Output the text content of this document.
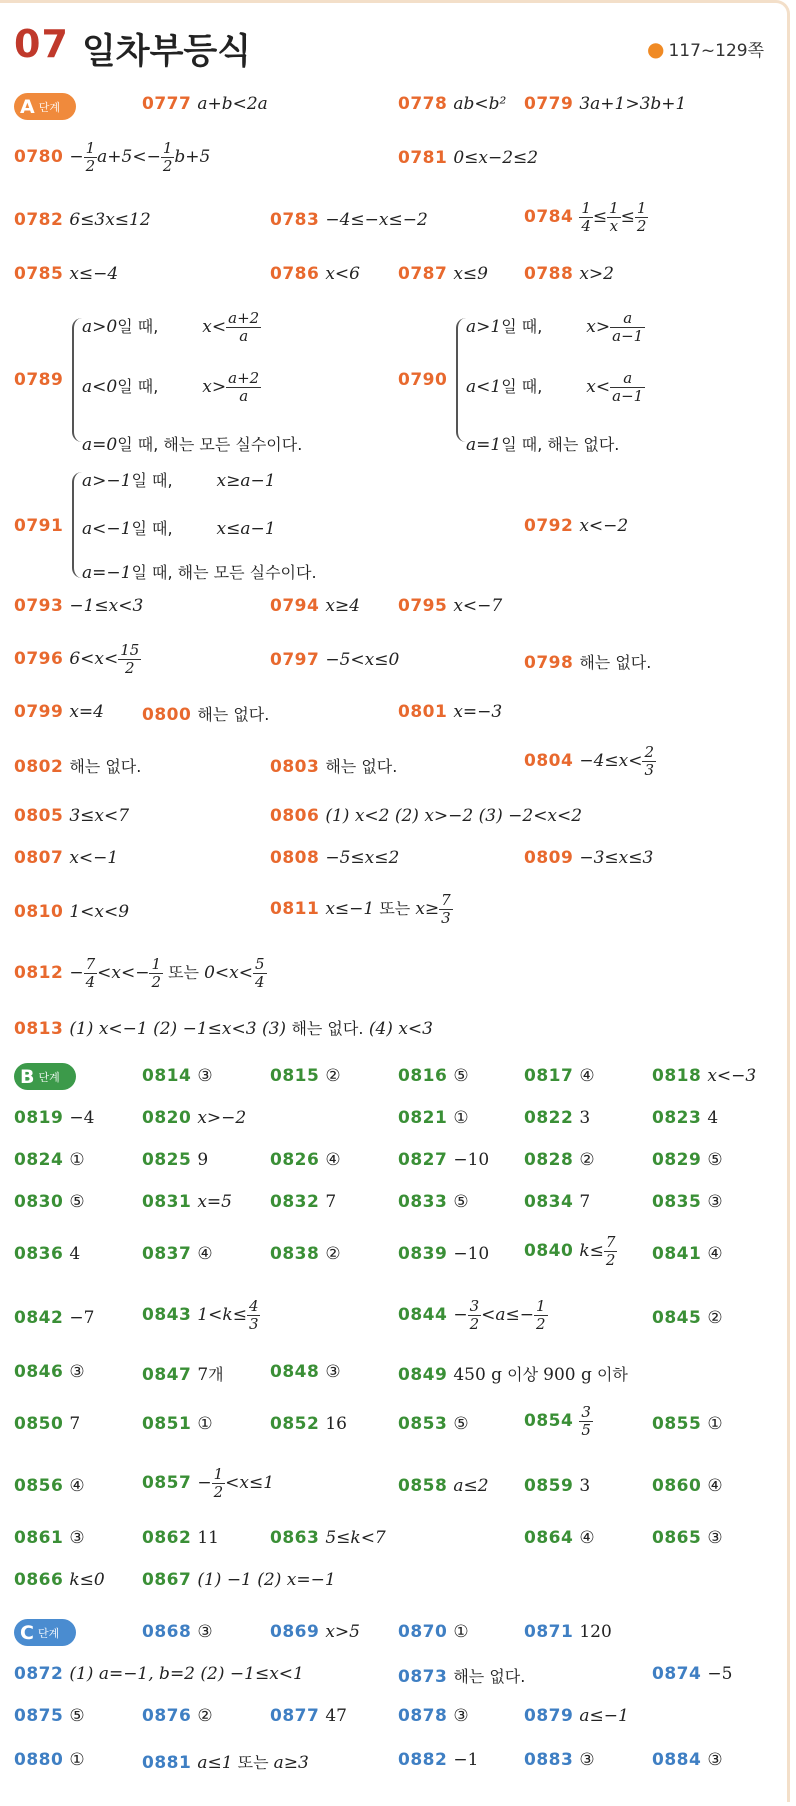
07 일차부등식	● 117~129쪽
A 단계	0777 a+b<2a	0778 ab<b² 0779 3a+1>3b+1
$0780 - \frac{1}{2} a+5<- \frac{1}{2} b+5$	0781 0≤x−2≤2
0782 6≤3x≤12	0783 −4≤−x≤−2	$0784 \frac{1}{4} \le \frac{1}{x} \le \frac{1}{2}$
0785 x≤−4	0786 x<6 0787 x≤9 0788 x>2
0789
a>0일 때,	$x< \frac{a+2}{a}$
a<0일 때,	$x> \frac{a+2}{a}$
a=0일 때, 해는 모든 실수이다.
0790
a>1일 때,	$x> \frac{a}{a-1}$
a<1일 때,	$x< \frac{a}{a-1}$
a=1일 때, 해는 없다.
0791
a>−1일 때,	x≥a−1
a<−1일 때,	x≤a−1
a=−1일 때, 해는 모든 실수이다.
0792 x<−2
0793 −1≤x<3	0794 x≥4 0795 x<−7
0796 $6<x< \frac{15}{2}$	0797 −5<x≤0	0798 해는 없다.
0799 x=4 0800 해는 없다.	0801 x=−3
0802 해는 없다.	0803 해는 없다.	$0804 -4\le x< \frac{2}{3}$
0805 3≤x<7	0806 (1) x<2 (2) x>−2 (3) −2<x<2
0807 x<−1	0808 −5≤x≤2	0809 −3≤x≤3
0810 1<x<9	0811 x≤−1 또는 $x\ge \frac{7}{3}$
$0812 - \frac{7}{4} <x<- \frac{1}{2}$ 또는 $0<x< \frac{5}{4}$
0813 (1) x<−1 (2) −1≤x<3 (3) 해는 없다. (4) x<3
B 단계	0814 ③	0815 ②	0816 ⑤	0817 ④	0818 x<−3
0819 −4	0820 x>−2	0821 ①	0822 3	0823 4
0824 ①	0825 9	0826 ④	0827 −10 0828 ②	0829 ⑤
0830 ⑤	0831 x=5 0832 7	0833 ⑤	0834 7	0835 ③
0836 4	0837 ④	0838 ②	0839 −10 0840 $k\le \frac{7}{2} 0841$ ④
0842 −7	0843 $1<k\le \frac{4}{3}$	$0844 - \frac{3}{2} <a\le- \frac{1}{2}$	0845 ②
0846 ③	0847 7개	0848 ③	0849 450 g 이상 900 g 이하
0850 7	0851 ①	0852 16	0853 ⑤	$0854 \frac{3}{5}$	0855 ①
0856 ④	$0857 - \frac{1}{2} <x\le 1$	0858 a≤2 0859 3	0860 ④
0861 ③	0862 11	0863 5≤k<7	0864 ④	0865 ③
0866 k≤0 0867 (1) −1 (2) x=−1
C 단계	0868 ③	0869 x>5 0870 ①	0871 120
0872 (1) a=−1, b=2 (2) −1≤x<1	0873 해는 없다.	0874 −5
0875 ⑤	0876 ②	0877 47	0878 ③	0879 a≤−1
0880 ①	0881 a≤1 또는 a≥3	0882 −1	0883 ③	0884 ③
